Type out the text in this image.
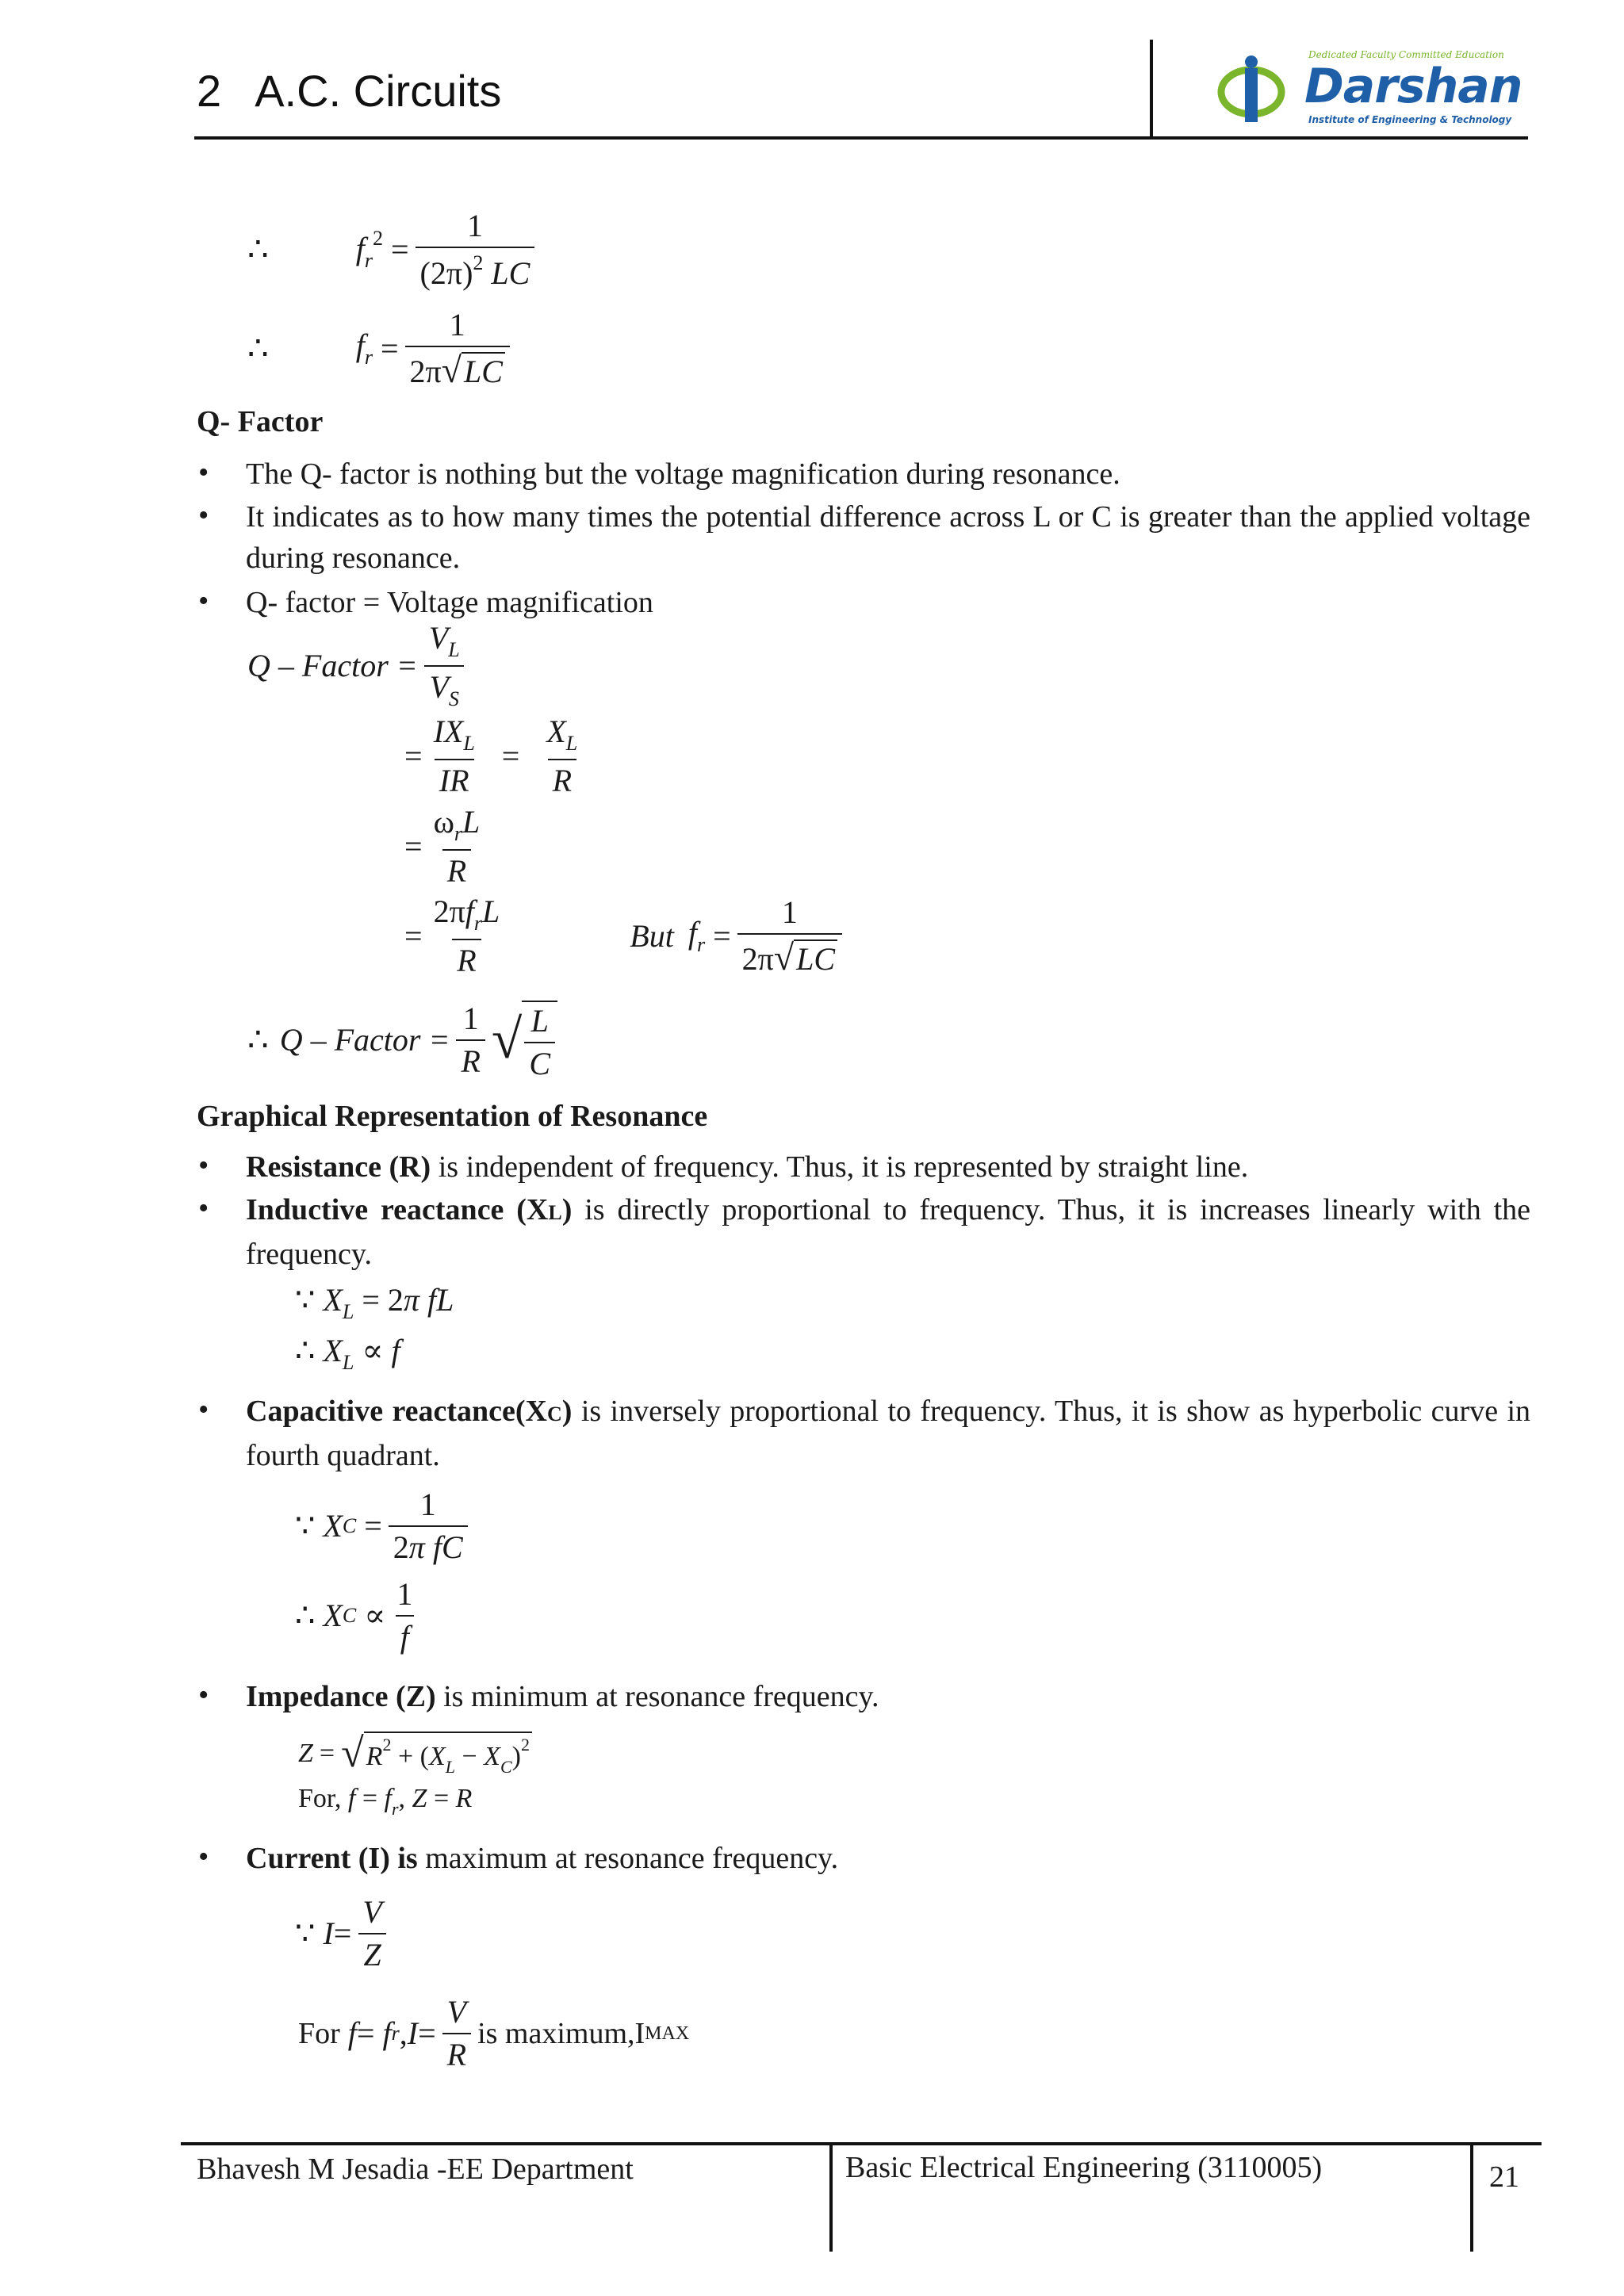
2 A.C. Circuits
Dedicated Faculty Committed Education
Darshan
Institute of Engineering & Technology
∴	$f_r^2$
= $\frac{1}{(2\pi)^2 LC}$
∴	$f_r$
= $\frac{1}{2\pi√LC}$
Q- Factor
• The Q- factor is nothing but the voltage magnification during resonance.
• It indicates as to how many times the potential difference across L or C is greater than the applied voltage during resonance.
• Q- factor = Voltage magnification
Q – Factor = $\frac{V_L}{V_S}$
= $\frac{IX_L}{IR} = \frac{X_L}{R}$
= $\frac{\omega_rL}{R}$
= $\frac{2\pi f_rL}{R}$	But $f_r$
= $\frac{1}{2\pi√LC}$
∴ Q – Factor = $\frac{1}{R}$ √ $\frac{L}{C}$
Graphical Representation of Resonance
• Resistance (R) is independent of frequency. Thus, it is represented by straight line.
• Inductive reactance (XL) is directly proportional to frequency. Thus, it is increases linearly with the frequency.
∵ $X_L = 2\pi$ fL
∴ $X_L \propto f$
• Capacitive reactance(XC) is inversely proportional to frequency. Thus, it is show as hyperbolic curve in fourth quadrant.
∵ X C
= $\frac{1}{\text{2π fC}}$
∴ X C
∝ $\frac{1}{f}$
• Impedance (Z) is minimum at resonance frequency.
Z = √ $R^2 + (X_L - X_C)^2$
For, $f = f_r$, Z = R
• Current (I) is maximum at resonance frequency.
∵ $I = \frac{V}{Z}$
For f = f r , $I = \frac{V}{R}$ is maximum,I MAX
Bhavesh M Jesadia -EE Department	Basic Electrical Engineering (3110005)	21
